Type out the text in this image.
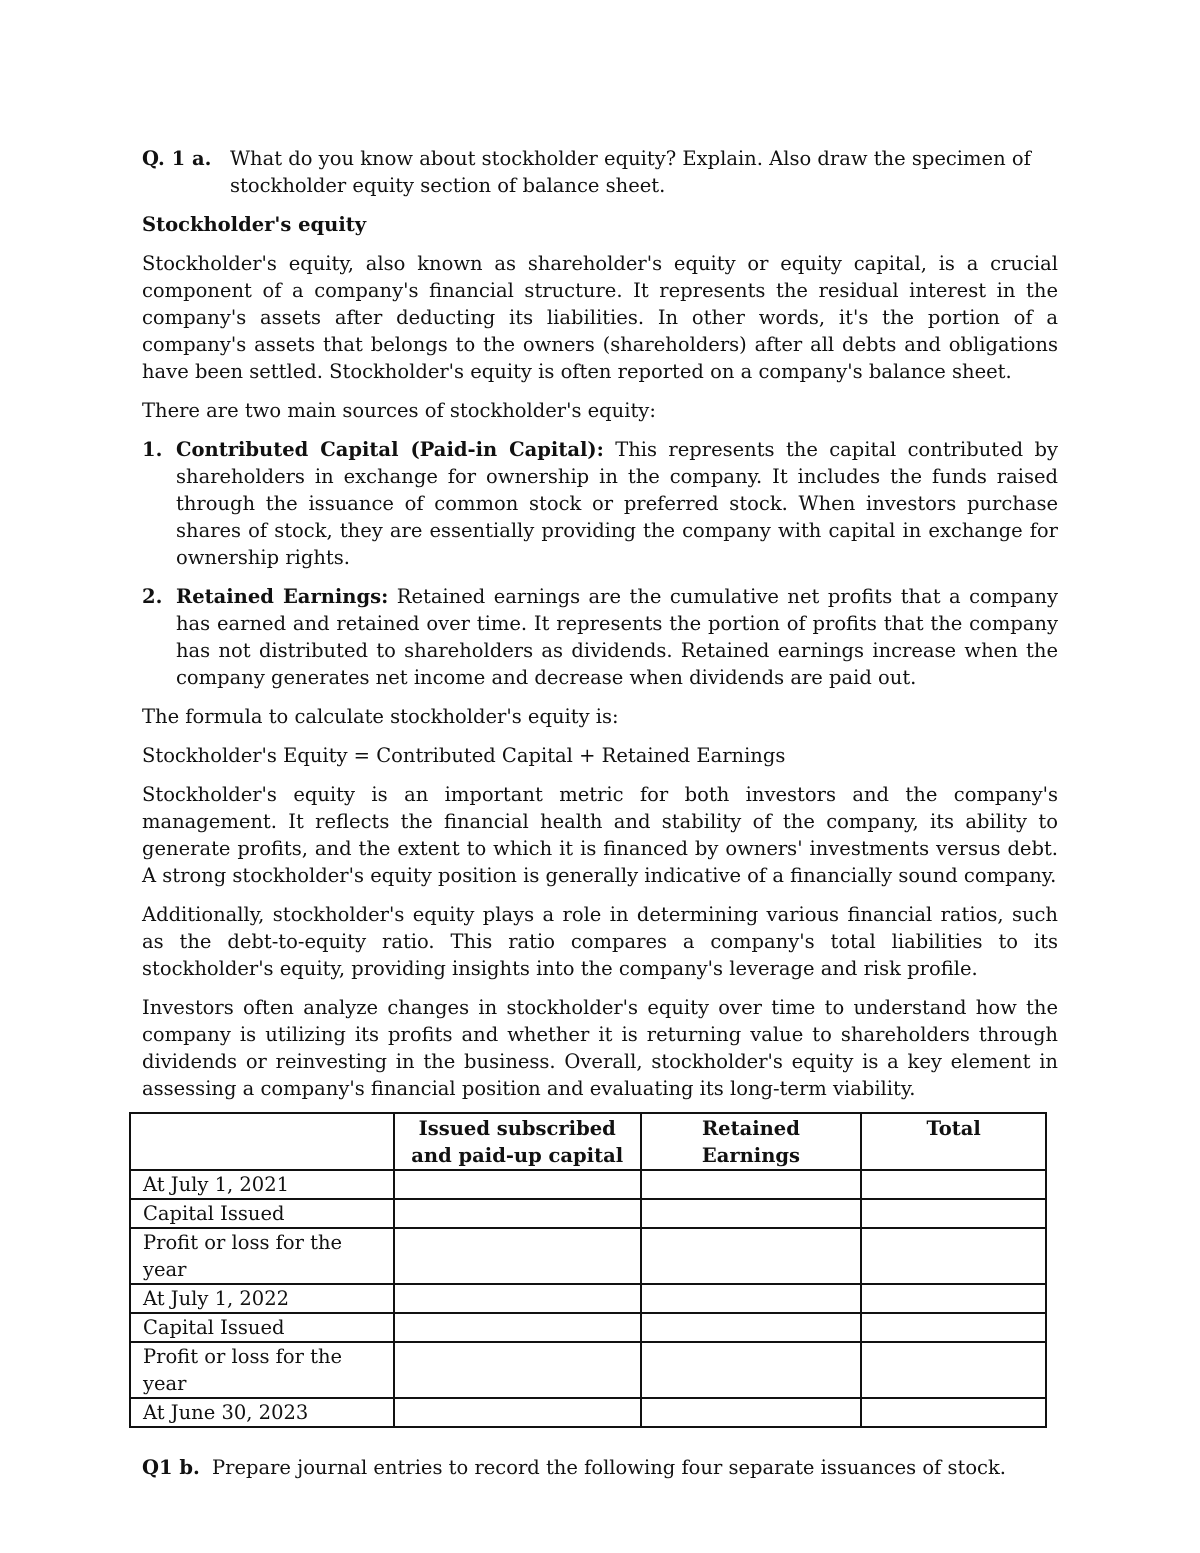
Q. 1 a. What do you know about stockholder equity? Explain. Also draw the specimen of stockholder equity section of balance sheet.

Stockholder's equity

Stockholder's equity, also known as shareholder's equity or equity capital, is a crucial component of a company's financial structure. It represents the residual interest in the company's assets after deducting its liabilities. In other words, it's the portion of a company's assets that belongs to the owners (shareholders) after all debts and obligations have been settled. Stockholder's equity is often reported on a company's balance sheet.

There are two main sources of stockholder's equity:

1. Contributed Capital (Paid-in Capital): This represents the capital contributed by shareholders in exchange for ownership in the company. It includes the funds raised through the issuance of common stock or preferred stock. When investors purchase shares of stock, they are essentially providing the company with capital in exchange for ownership rights.

2. Retained Earnings: Retained earnings are the cumulative net profits that a company has earned and retained over time. It represents the portion of profits that the company has not distributed to shareholders as dividends. Retained earnings increase when the company generates net income and decrease when dividends are paid out.

The formula to calculate stockholder's equity is:

Stockholder's Equity = Contributed Capital + Retained Earnings

Stockholder's equity is an important metric for both investors and the company's management. It reflects the financial health and stability of the company, its ability to generate profits, and the extent to which it is financed by owners' investments versus debt. A strong stockholder's equity position is generally indicative of a financially sound company.

Additionally, stockholder's equity plays a role in determining various financial ratios, such as the debt-to-equity ratio. This ratio compares a company's total liabilities to its stockholder's equity, providing insights into the company's leverage and risk profile.

Investors often analyze changes in stockholder's equity over time to understand how the company is utilizing its profits and whether it is returning value to shareholders through dividends or reinvesting in the business. Overall, stockholder's equity is a key element in assessing a company's financial position and evaluating its long-term viability.

	Issued subscribed and paid-up capital	Retained Earnings	Total
At July 1, 2021			
Capital Issued			
Profit or loss for the year			
At July 1, 2022			
Capital Issued			
Profit or loss for the year			
At June 30, 2023			
Q1 b. Prepare journal entries to record the following four separate issuances of stock.
